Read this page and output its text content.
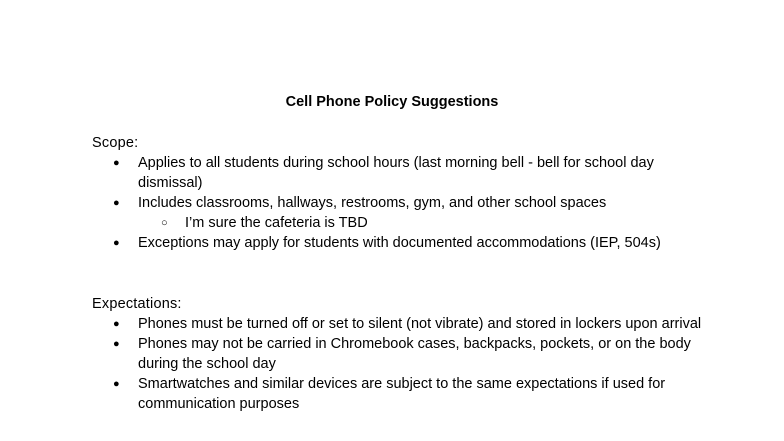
Cell Phone Policy Suggestions

Scope:

● Applies to all students during school hours (last morning bell - bell for school day dismissal)
● Includes classrooms, hallways, restrooms, gym, and other school spaces
○ I’m sure the cafeteria is TBD
● Exceptions may apply for students with documented accommodations (IEP, 504s)

Expectations:

● Phones must be turned off or set to silent (not vibrate) and stored in lockers upon arrival
● Phones may not be carried in Chromebook cases, backpacks, pockets, or on the body during the school day
● Smartwatches and similar devices are subject to the same expectations if used for communication purposes
